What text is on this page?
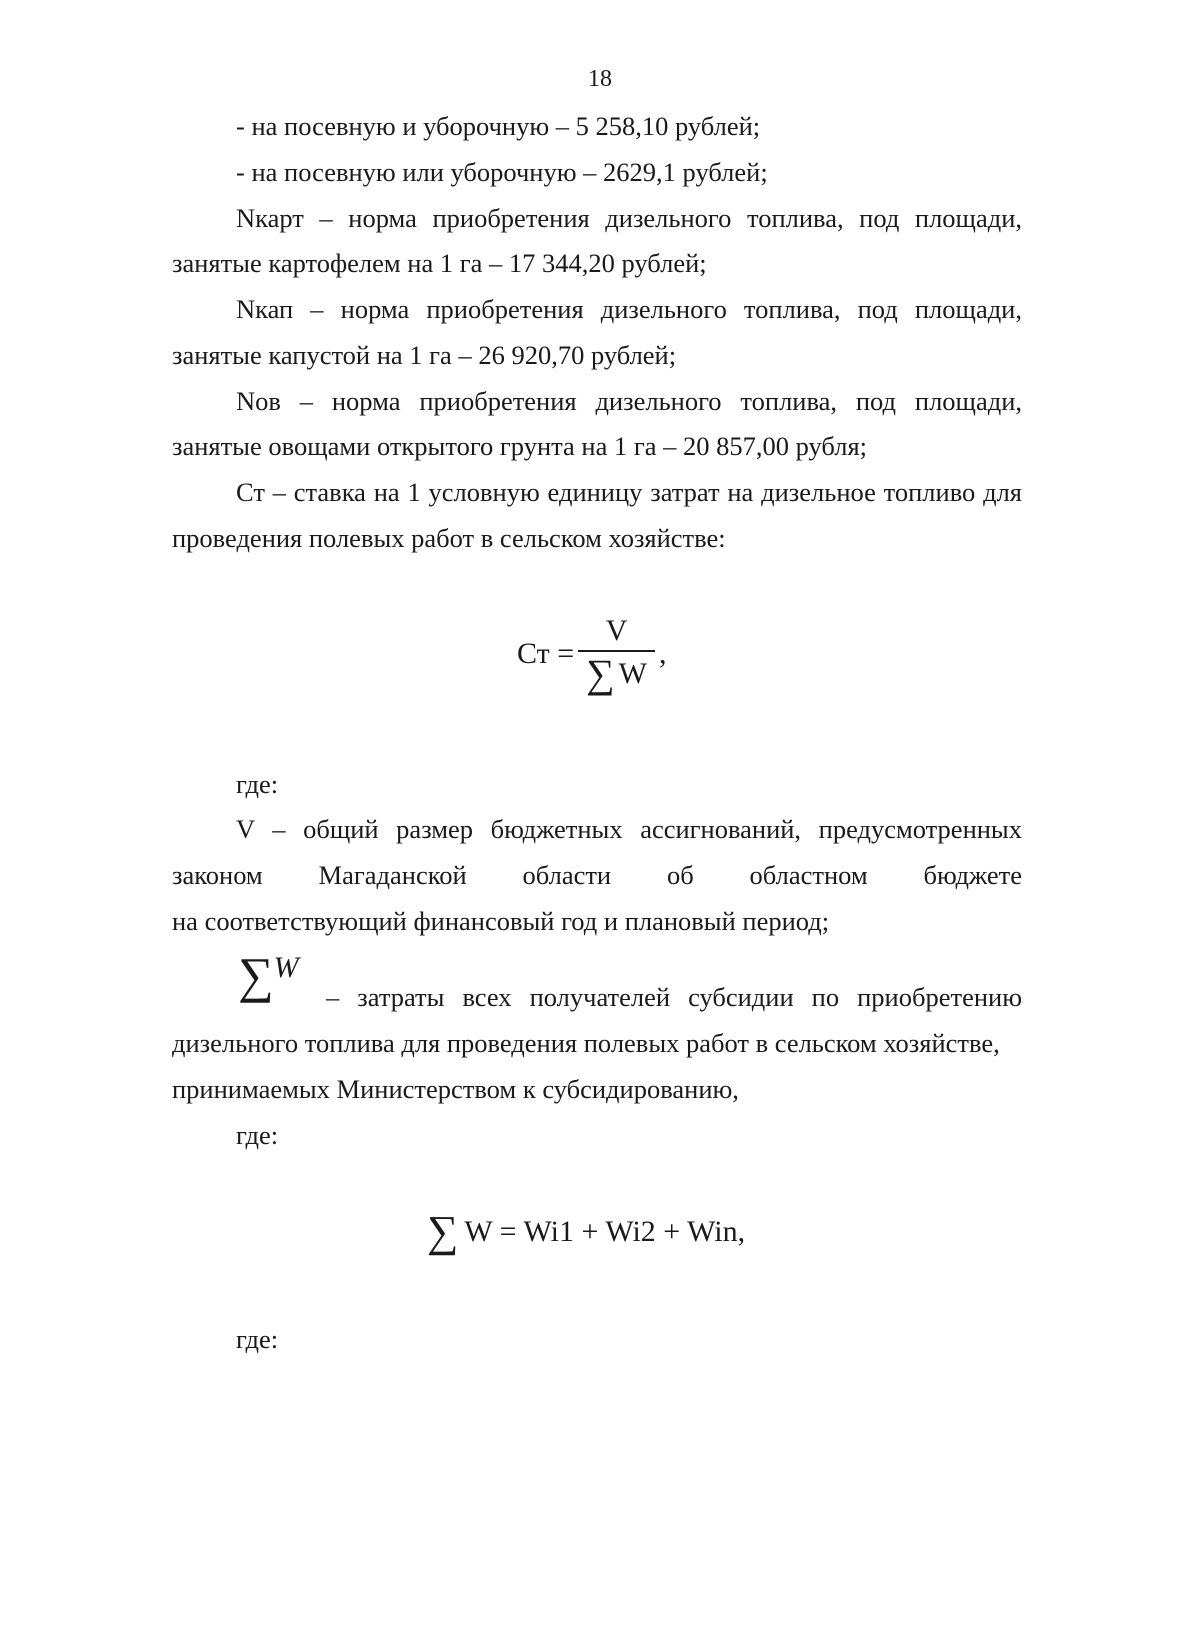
18
- на посевную и уборочную – 5 258,10 рублей;
- на посевную или уборочную – 2629,1 рублей;
Nкарт – норма приобретения дизельного топлива, под площади,
занятые картофелем на 1 га – 17 344,20 рублей;
Nкап – норма приобретения дизельного топлива, под площади,
занятые капустой на 1 га – 26 920,70 рублей;
Nов – норма приобретения дизельного топлива, под площади,
занятые овощами открытого грунта на 1 га – 20 857,00 рубля;
Ст – ставка на 1 условную единицу затрат на дизельное топливо для
проведения полевых работ в сельском хозяйстве:
Ст = $\frac{V}{\sum W}$ ,
где:
V – общий размер бюджетных ассигнований, предусмотренных
законом Магаданской области об областном бюджете
на соответствующий финансовый год и плановый период;
∑ W
– затраты всех получателей субсидии по приобретению
дизельного топлива для проведения полевых работ в сельском хозяйстве,
принимаемых Министерством к субсидированию,
где:
∑ W = Wi1 + Wi2 + Win,
где:
